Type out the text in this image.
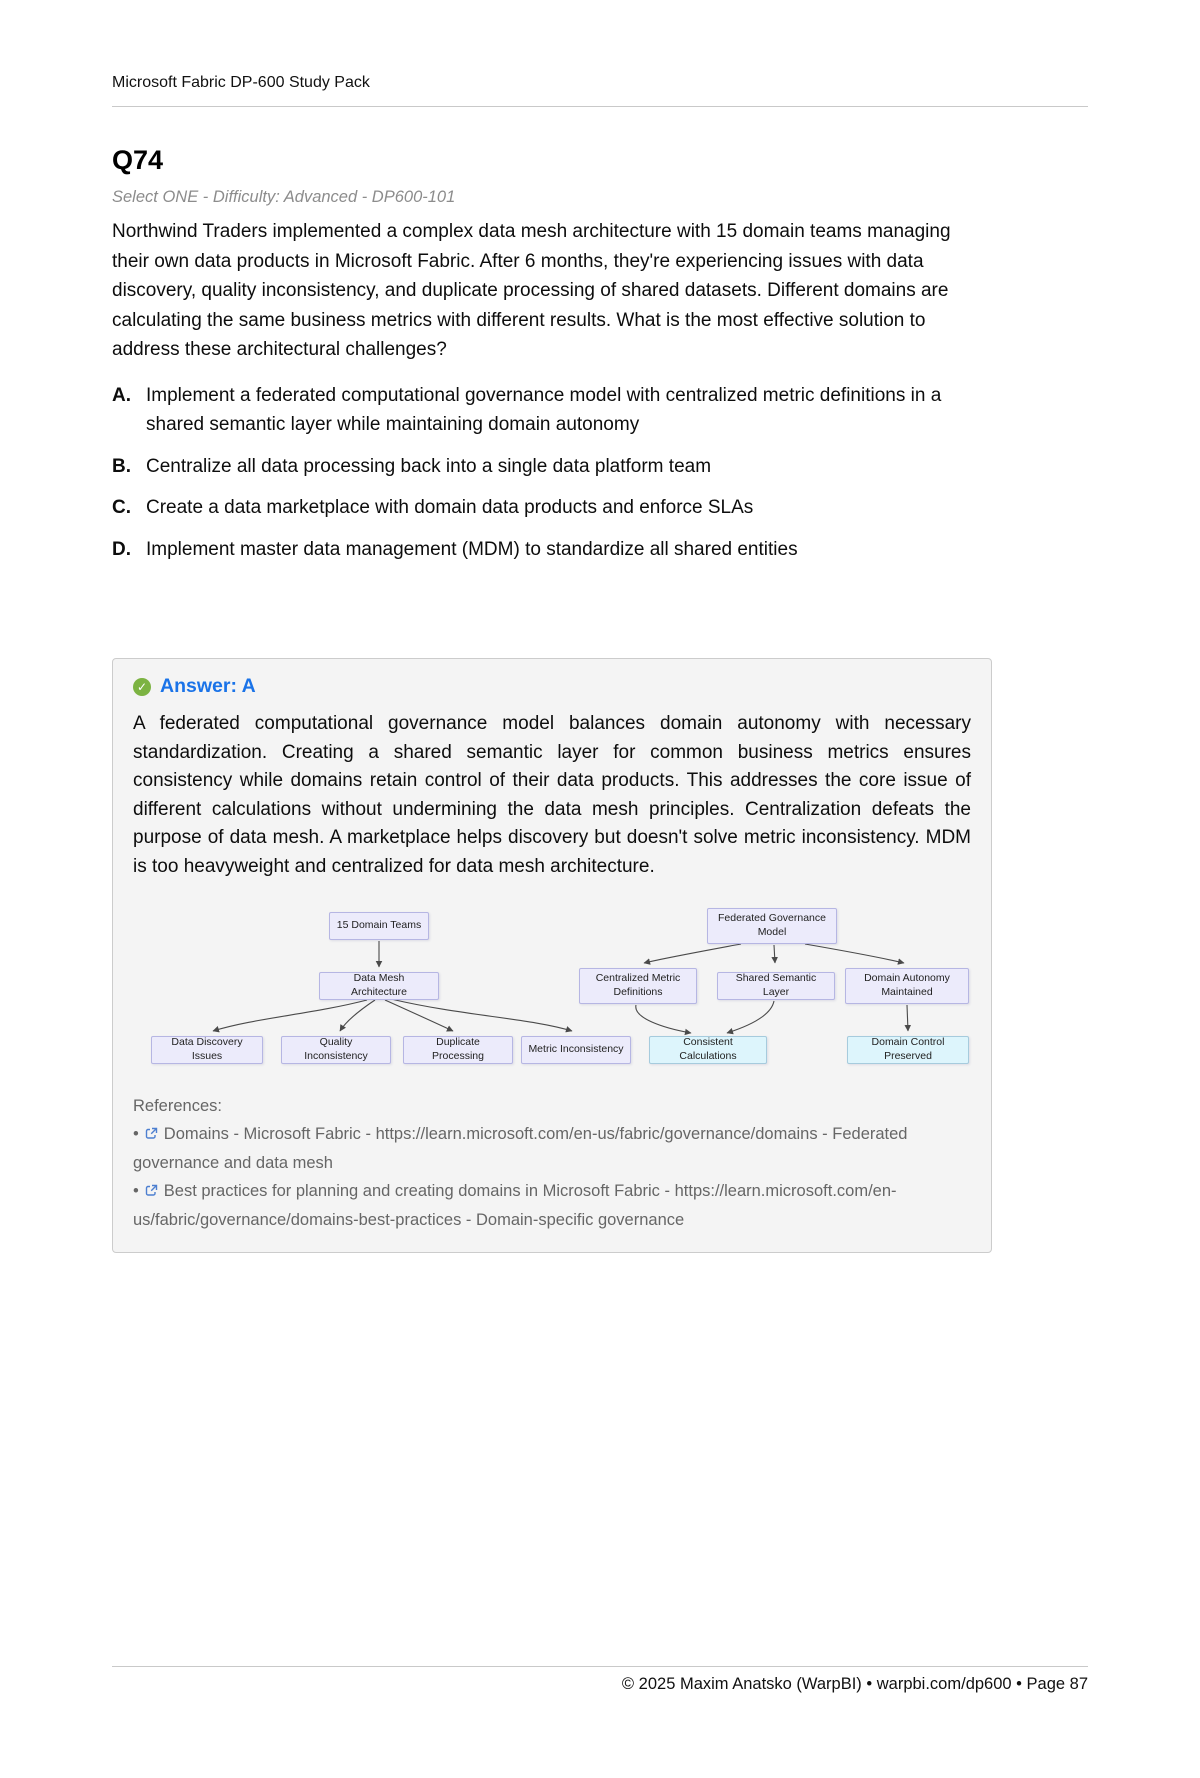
Microsoft Fabric DP-600 Study Pack
Q74
Select ONE - Difficulty: Advanced - DP600-101
Northwind Traders implemented a complex data mesh architecture with 15 domain teams managing their own data products in Microsoft Fabric. After 6 months, they're experiencing issues with data discovery, quality inconsistency, and duplicate processing of shared datasets. Different domains are calculating the same business metrics with different results. What is the most effective solution to address these architectural challenges?
A. Implement a federated computational governance model with centralized metric definitions in a shared semantic layer while maintaining domain autonomy
B. Centralize all data processing back into a single data platform team
C. Create a data marketplace with domain data products and enforce SLAs
D. Implement master data management (MDM) to standardize all shared entities
✓ Answer: A
A federated computational governance model balances domain autonomy with necessary standardization. Creating a shared semantic layer for common business metrics ensures consistency while domains retain control of their data products. This addresses the core issue of different calculations without undermining the data mesh principles. Centralization defeats the purpose of data mesh. A marketplace helps discovery but doesn't solve metric inconsistency. MDM is too heavyweight and centralized for data mesh architecture.
15 Domain Teams
Data Mesh Architecture
Data Discovery Issues
Quality Inconsistency
Duplicate Processing
Metric Inconsistency
Federated Governance Model
Centralized Metric Definitions
Shared Semantic Layer
Domain Autonomy Maintained
Consistent Calculations
Domain Control Preserved
References:
• Domains - Microsoft Fabric - https://learn.microsoft.com/en-us/fabric/governance/domains - Federated governance and data mesh
• Best practices for planning and creating domains in Microsoft Fabric - https://learn.microsoft.com/en-us/fabric/governance/domains-best-practices - Domain-specific governance
© 2025 Maxim Anatsko (WarpBI) • warpbi.com/dp600 • Page 87
